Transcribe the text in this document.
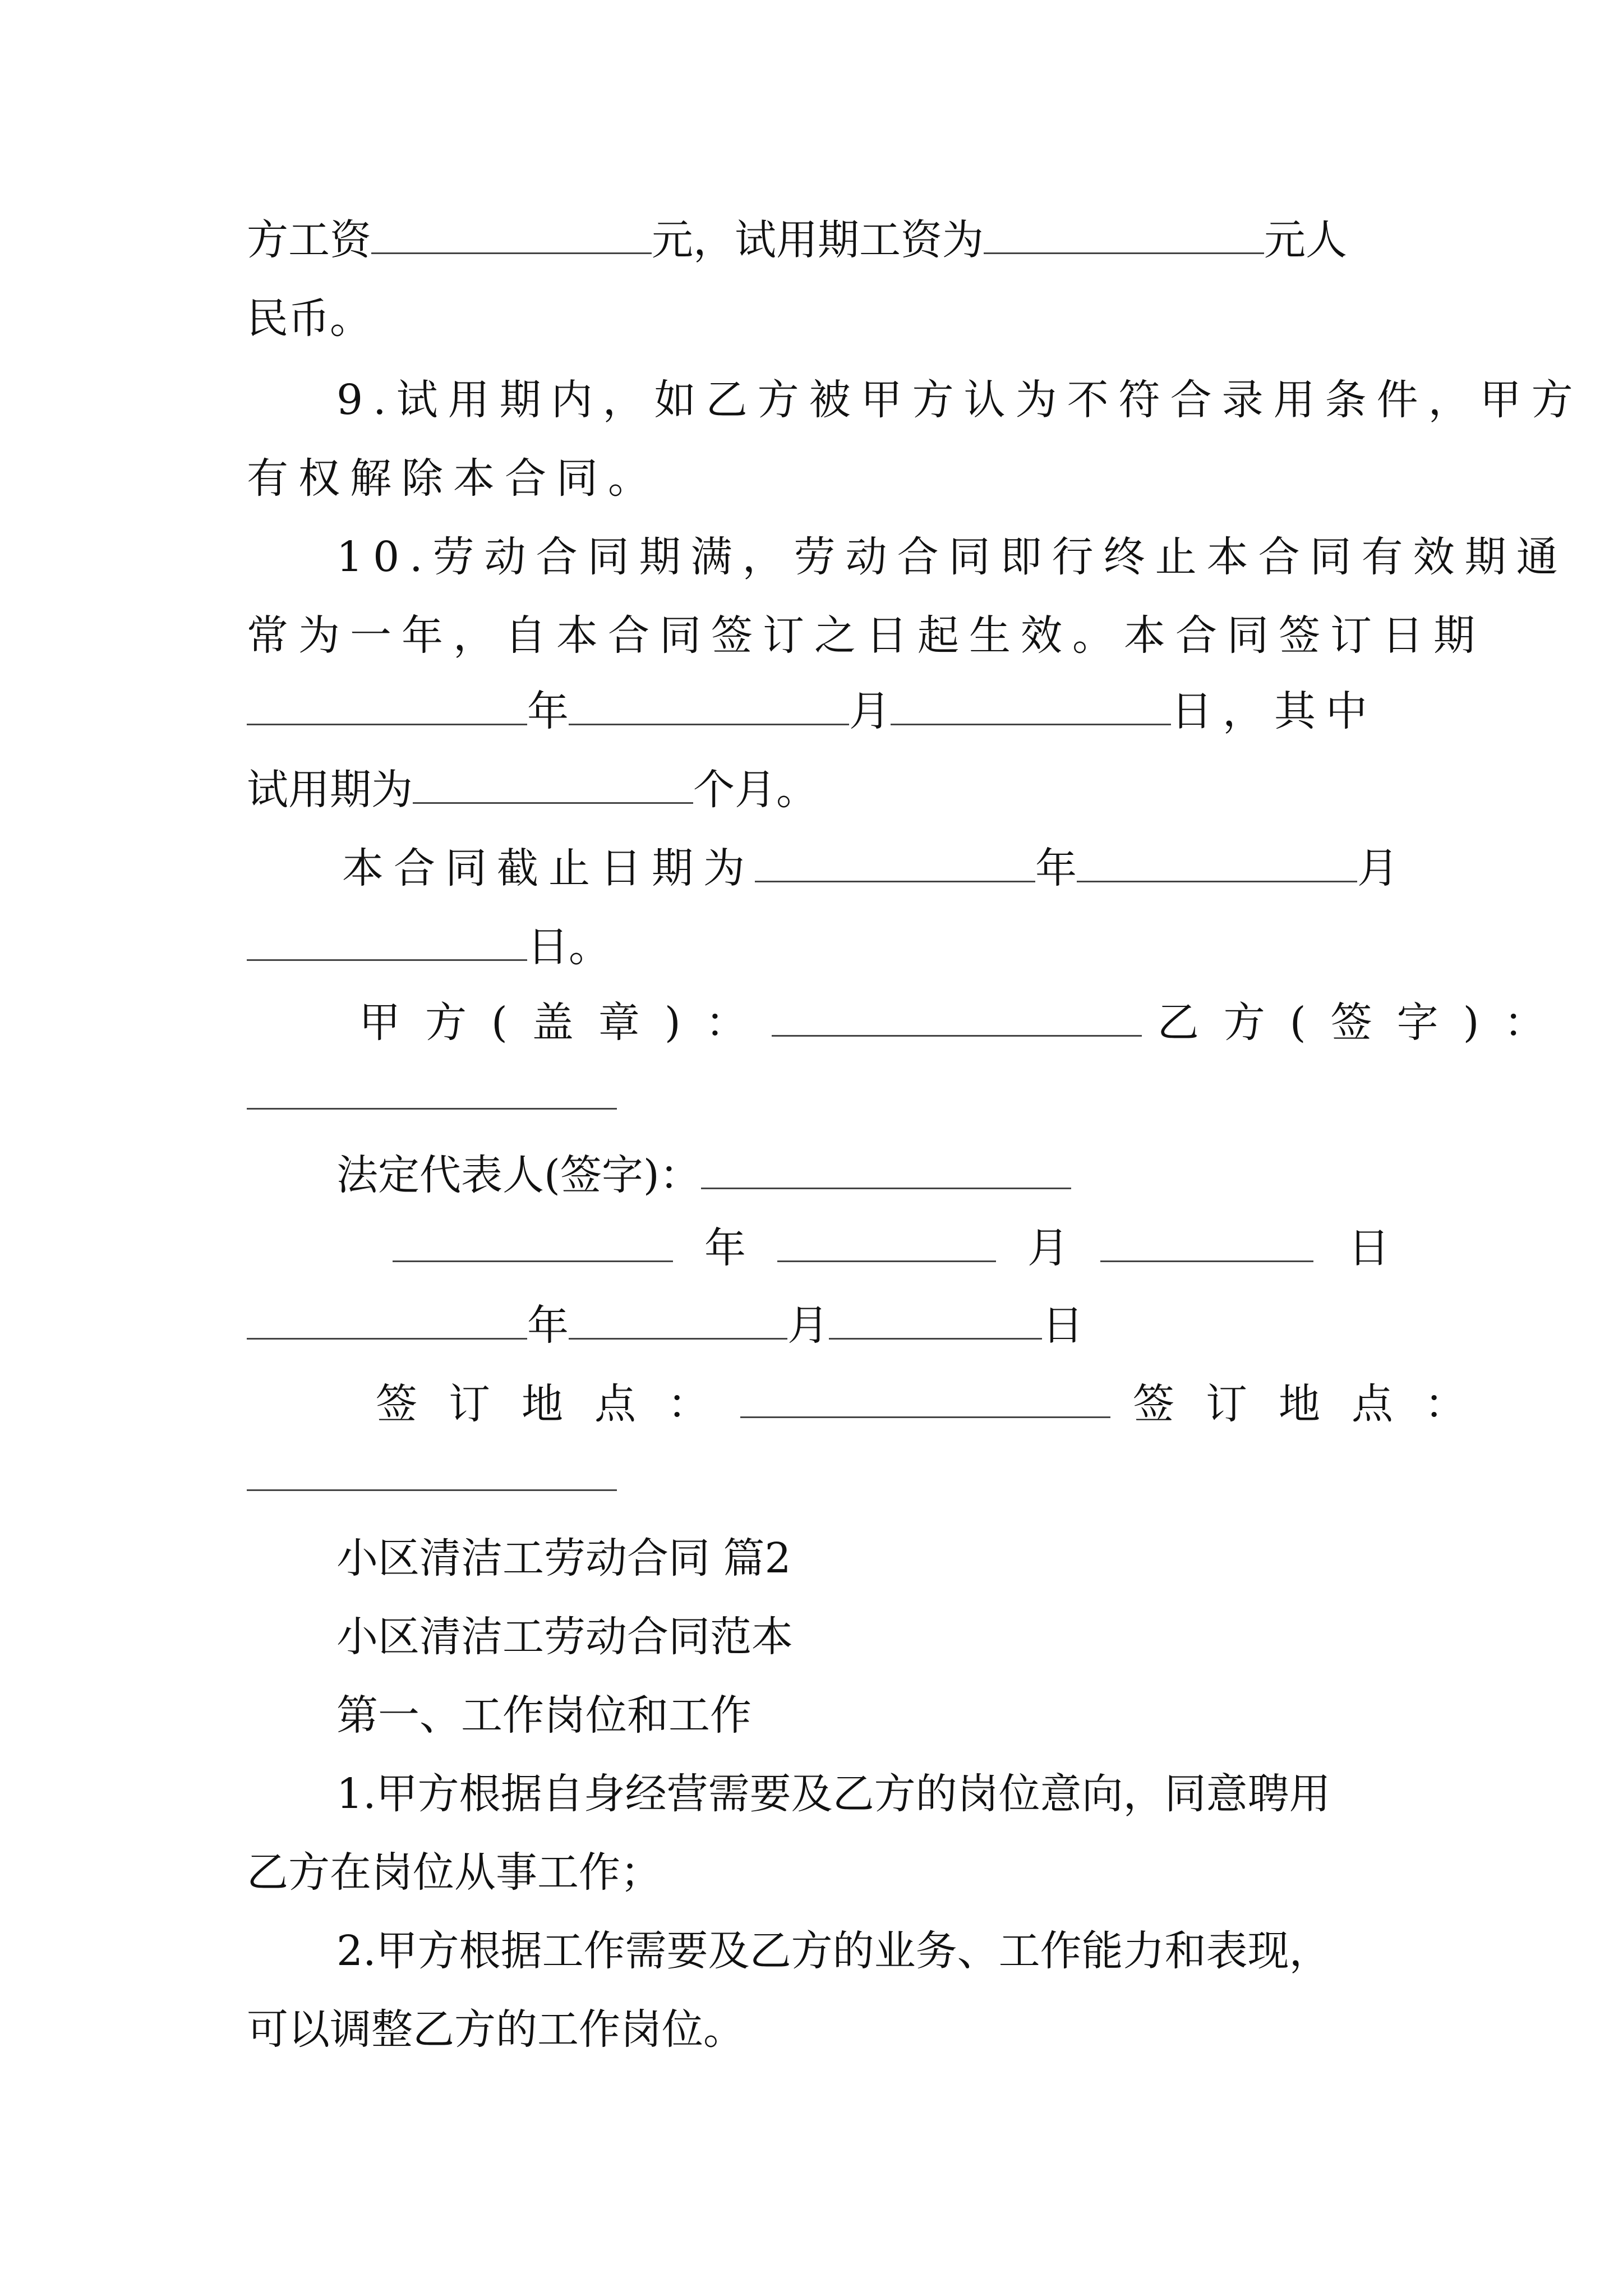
方工资	元，试用期工资为	元人
民币。
9.试用期内，如乙方被甲方认为不符合录用条件，甲方
有权解除本合同。
10.劳动合同期满，劳动合同即行终止本合同有效期通
常为一年，自本合同签订之日起生效。本合同签订日期
年	月	日，其中
试用期为	个月。
本合同截止日期为	年	月
日。
甲方(盖章)：	乙方(签字)：
法定代表人(签字)：
年	月	日
年	月	日
签订地点：	签订地点：
小区清洁工劳动合同 篇2
小区清洁工劳动合同范本
第一、工作岗位和工作
1.甲方根据自身经营需要及乙方的岗位意向，同意聘用
乙方在岗位从事工作；
2.甲方根据工作需要及乙方的业务、工作能力和表现，
可以调整乙方的工作岗位。
